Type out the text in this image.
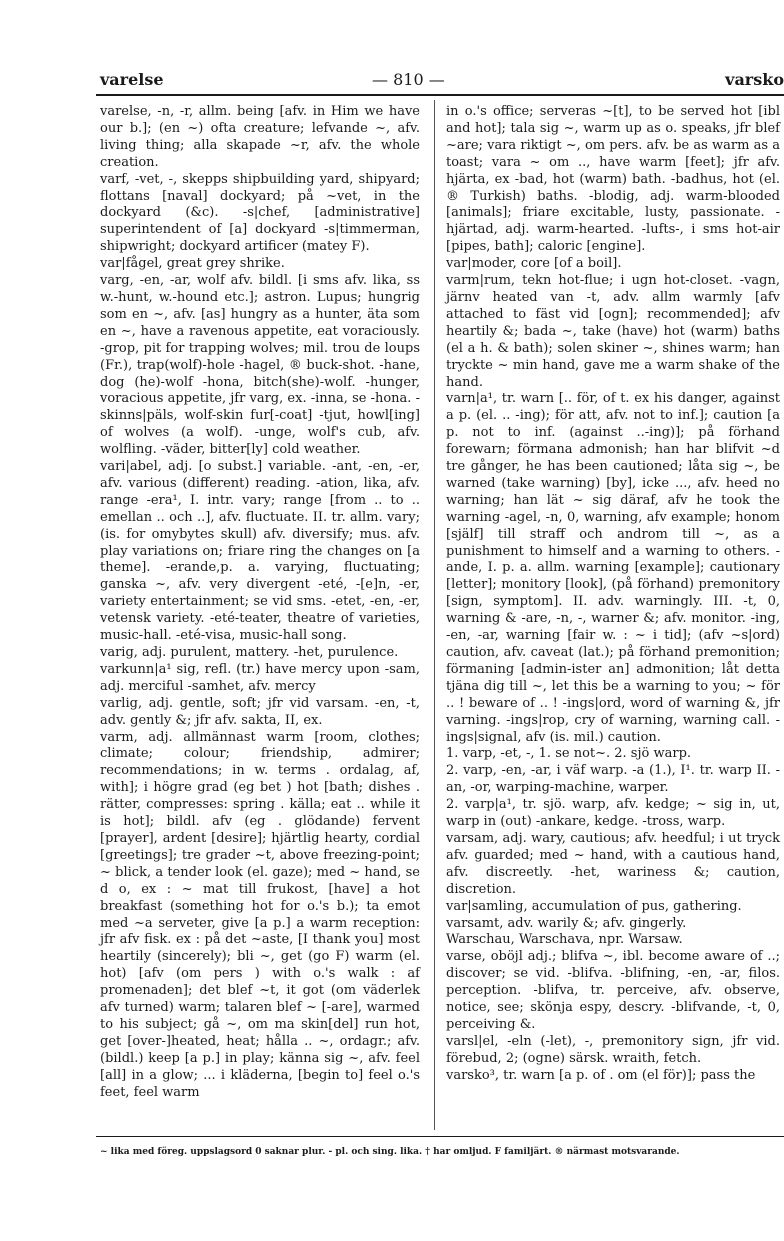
varelse	— 810 —	varsko

varelse, -n, -r, allm. being [afv. in Him we have our b.]; (en ~) ofta creature; lefvande ~, afv. living thing; alla skapade ~r, afv. the whole creation.

varf, -vet, -, skepps shipbuilding yard, shipyard; flottans [naval] dockyard; på ~vet, in the dockyard (&c). -s|chef, [administrative] superintendent of [a] dockyard -s|timmerman, shipwright; dockyard artificer (matey F).

var|fågel, great grey shrike.

varg, -en, -ar, wolf afv. bildl. [i sms afv. lika, ss w.-hunt, w.-hound etc.]; astron. Lupus; hungrig som en ~, afv. [as] hungry as a hunter, äta som en ~, have a ravenous appetite, eat voraciously. -grop, pit for trapping wolves; mil. trou de loups (Fr.), trap(wolf)-hole -hagel, ® buck-shot. -hane, dog (he)-wolf -hona, bitch(she)-wolf. -hunger, voracious appetite, jfr varg, ex. -inna, se -hona. -skinns|päls, wolf-skin fur[-coat] -tjut, howl[ing] of wolves (a wolf). -unge, wolf's cub, afv. wolfling. -väder, bitter[ly] cold weather.

vari|abel, adj. [o subst.] variable. -ant, -en, -er, afv. various (different) reading. -ation, lika, afv. range -era¹, I. intr. vary; range [from .. to .. emellan .. och ..], afv. fluctuate. II. tr. allm. vary; (is. for omybytes skull) afv. diversify; mus. afv. play variations on; friare ring the changes on [a theme]. -erande,p. a. varying, fluctuating; ganska ~, afv. very divergent -eté, -[e]n, -er, variety entertainment; se vid sms. -etet, -en, -er, vetensk variety. -eté-teater, theatre of varieties, music-hall. -eté-visa, music-hall song.

varig, adj. purulent, mattery. -het, purulence.

varkunn|a¹ sig, refl. (tr.) have mercy upon -sam, adj. merciful -samhet, afv. mercy

varlig, adj. gentle, soft; jfr vid varsam. -en, -t, adv. gently &; jfr afv. sakta, II, ex.

varm, adj. allmännast warm [room, clothes; climate; colour; friendship, admirer; recommendations; in w. terms . ordalag, af, with]; i högre grad (eg bet ) hot [bath; dishes . rätter, compresses: spring . källa; eat .. while it is hot]; bildl. afv (eg . glödande) fervent [prayer], ardent [desire]; hjärtlig hearty, cordial [greetings]; tre grader ~t, above freezing-point; ~ blick, a tender look (el. gaze); med ~ hand, se d o, ex : ~ mat till frukost, [have] a hot breakfast (something hot for o.'s b.); ta emot med ~a serveter, give [a p.] a warm reception: jfr afv fisk. ex : på det ~aste, [I thank you] most heartily (sincerely); bli ~, get (go F) warm (el. hot) [afv (om pers ) with o.'s walk : af promenaden]; det blef ~t, it got (om väderlek afv turned) warm; talaren blef ~ [-are], warmed to his subject; gå ~, om ma skin[del] run hot, get [over-]heated, heat; hålla .. ~, ordagr.; afv. (bildl.) keep [a p.] in play; känna sig ~, afv. feel [all] in a glow; ... i kläderna, [begin to] feel o.'s feet, feel warm

in o.'s office; serveras ~[t], to be served hot [ibl and hot]; tala sig ~, warm up as o. speaks, jfr blef ~are; vara riktigt ~, om pers. afv. be as warm as a toast; vara ~ om .., have warm [feet]; jfr afv. hjärta, ex -bad, hot (warm) bath. -badhus, hot (el. ® Turkish) baths. -blodig, adj. warm-blooded [animals]; friare excitable, lusty, passionate. -hjärtad, adj. warm-hearted. -lufts-, i sms hot-air [pipes, bath]; caloric [engine].

var|moder, core [of a boil].

varm|rum, tekn hot-flue; i ugn hot-closet. -vagn, järnv heated van -t, adv. allm warmly [afv attached to fäst vid [ogn]; recommended]; afv heartily &; bada ~, take (have) hot (warm) baths (el a h. & bath); solen skiner ~, shines warm; han tryckte ~ min hand, gave me a warm shake of the hand.

varn|a¹, tr. warn [.. för, of t. ex his danger, against a p. (el. .. -ing); för att, afv. not to inf.]; caution [a p. not to inf. (against ..-ing)]; på förhand forewarn; förmana admonish; han har blifvit ~d tre gånger, he has been cautioned; låta sig ~, be warned (take warning) [by], icke ..., afv. heed no warning; han lät ~ sig däraf, afv he took the warning -agel, -n, 0, warning, afv example; honom [själf] till straff och androm till ~, as a punishment to himself and a warning to others. -ande, I. p. a. allm. warning [example]; cautionary [letter]; monitory [look], (på förhand) premonitory [sign, symptom]. II. adv. warningly. III. -t, 0, warning & -are, -n, -, warner &; afv. monitor. -ing, -en, -ar, warning [fair w. : ~ i tid]; (afv ~s|ord) caution, afv. caveat (lat.); på förhand premonition; förmaning [admin-ister an] admonition; låt detta tjäna dig till ~, let this be a warning to you; ~ för .. ! beware of .. ! -ings|ord, word of warning &, jfr varning. -ings|rop, cry of warning, warning call. -ings|signal, afv (is. mil.) caution.

1. varp, -et, -, 1. se not~. 2. sjö warp.

2. varp, -en, -ar, i väf warp. -a (1.), I¹. tr. warp II. -an, -or, warping-machine, warper.

2. varp|a¹, tr. sjö. warp, afv. kedge; ~ sig in, ut, warp in (out) -ankare, kedge. -tross, warp.

varsam, adj. wary, cautious; afv. heedful; i ut tryck afv. guarded; med ~ hand, with a cautious hand, afv. discreetly. -het, wariness &; caution, discretion.

var|samling, accumulation of pus, gathering.

varsamt, adv. warily &; afv. gingerly.

Warschau, Warschava, npr. Warsaw.

varse, oböjl adj.; blifva ~, ibl. become aware of ..; discover; se vid. -blifva. -blifning, -en, -ar, filos. perception. -blifva, tr. perceive, afv. observe, notice, see; skönja espy, descry. -blifvande, -t, 0, perceiving &.

varsl|el, -eln (-let), -, premonitory sign, jfr vid. förebud, 2; (ogne) särsk. wraith, fetch.

varsko³, tr. warn [a p. of . om (el för)]; pass the

~ lika med föreg. uppslagsord 0 saknar plur. - pl. och sing. lika. † har omljud. F familjärt. ® närmast motsvarande.
